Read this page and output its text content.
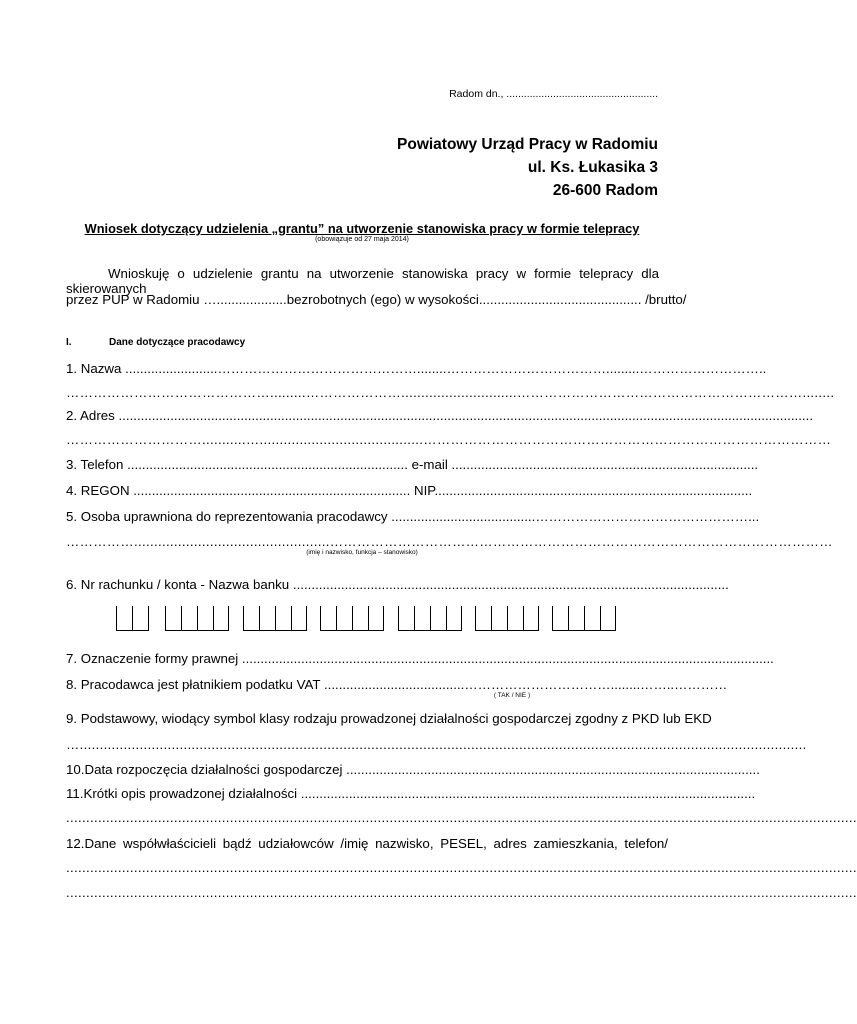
Radom dn., ....................................................
Powiatowy Urząd Pracy w Radomiu
ul. Ks. Łukasika 3
26-600 Radom
Wniosek dotyczący udzielenia „grantu” na utworzenie stanowiska pracy w formie telepracy
(obowiązuje od 27 maja 2014)
Wnioskuję o udzielenie grantu na utworzenie stanowiska pracy w formie telepracy dla skierowanych
przez PUP w Radomiu …...................bezrobotnych (ego) w wysokości............................................ /brutto/
I.	Dane dotyczące pracodawcy
1. Nazwa .........................………………………………………........……………………………….........………………………..
……………………………………….........………………….............................………………………………………………………........
2. Adres ............................................................................................................................................................................................
…………………………...........….........................................………………………………………………………………………………
3. Telefon ............................................................................ e-mail ...................................................................................
4. REGON ........................................................................... NIP......................................................................................
5. Osoba uprawniona do reprezentowania pracodawcy .......................................…………………………………………...
…………….................................................…………………………………………………………………………………………………
(imię i nazwisko, funkcja – stanowisko)
6. Nr rachunku / konta - Nazwa banku ......................................................................................................................
7. Oznaczenie formy prawnej ................................................................................................................................................
8. Pracodawca jest płatnikiem podatku VAT ......................................……………………………........……..…………
( TAK / NIE )
9. Podstawowy, wiodący symbol klasy rodzaju prowadzonej działalności gospodarczej zgodny z PKD lub EKD
…......................................................................................................................................................................................
10.Data rozpoczęcia działalności gospodarczej ................................................................................................................
11.Krótki opis prowadzonej działalności ...........................................................................................................................
......................................................................................................................................................................................................
12.Dane współwłaścicieli bądź udziałowców /imię nazwisko, PESEL, adres zamieszkania, telefon/
......................................................................................................................................................................................................
......................................................................................................................................................................................................
